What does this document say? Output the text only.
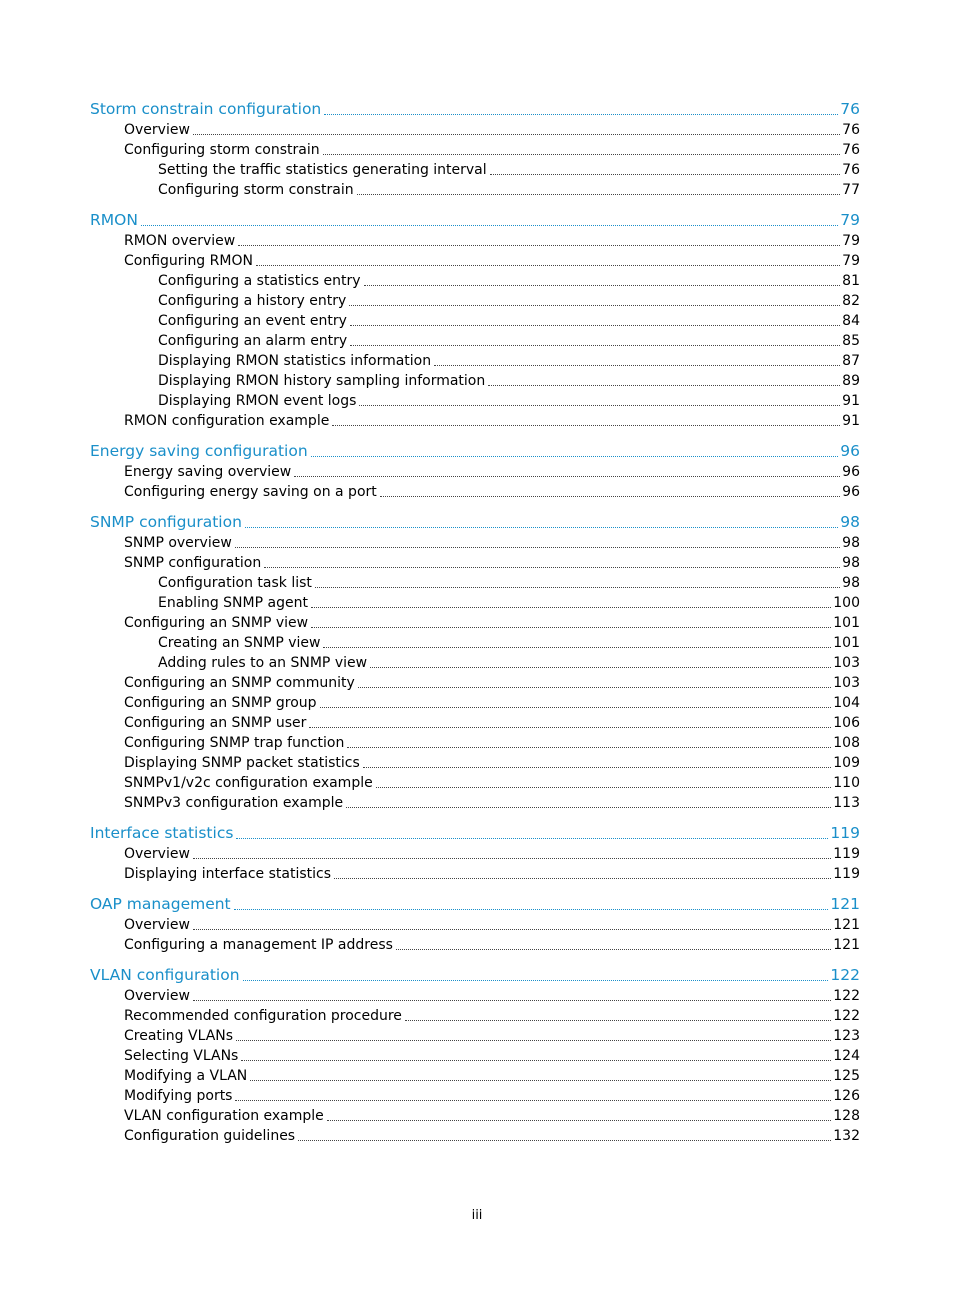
Storm constrain configuration	76
Overview	76
Configuring storm constrain	76
Setting the traffic statistics generating interval	76
Configuring storm constrain	77
RMON	79
RMON overview	79
Configuring RMON	79
Configuring a statistics entry	81
Configuring a history entry	82
Configuring an event entry	84
Configuring an alarm entry	85
Displaying RMON statistics information	87
Displaying RMON history sampling information	89
Displaying RMON event logs	91
RMON configuration example	91
Energy saving configuration	96
Energy saving overview	96
Configuring energy saving on a port	96
SNMP configuration	98
SNMP overview	98
SNMP configuration	98
Configuration task list	98
Enabling SNMP agent	100
Configuring an SNMP view	101
Creating an SNMP view	101
Adding rules to an SNMP view	103
Configuring an SNMP community	103
Configuring an SNMP group	104
Configuring an SNMP user	106
Configuring SNMP trap function	108
Displaying SNMP packet statistics	109
SNMPv1/v2c configuration example	110
SNMPv3 configuration example	113
Interface statistics	119
Overview	119
Displaying interface statistics	119
OAP management	121
Overview	121
Configuring a management IP address	121
VLAN configuration	122
Overview	122
Recommended configuration procedure	122
Creating VLANs	123
Selecting VLANs	124
Modifying a VLAN	125
Modifying ports	126
VLAN configuration example	128
Configuration guidelines	132
iii
